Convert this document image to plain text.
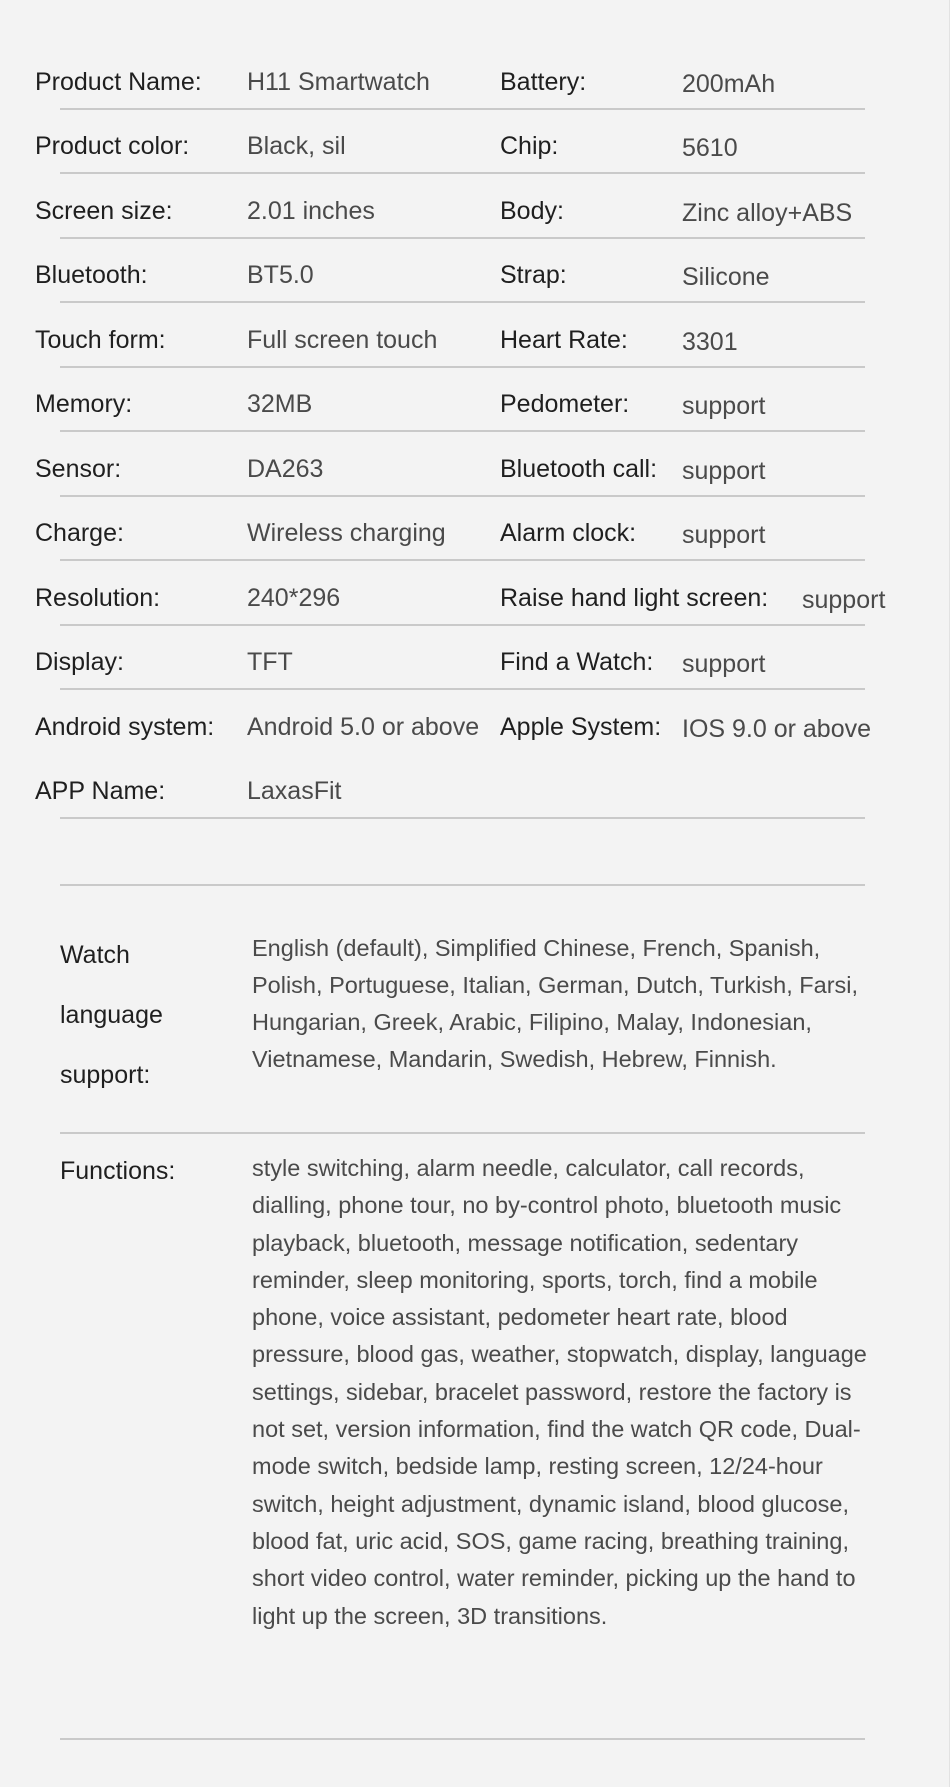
Product Name: H11 Smartwatch	Battery:	200mAh
Product color: Black, sil	Chip:	5610
Screen size:	2.01 inches	Body:	Zinc alloy+ABS
Bluetooth:	BT5.0	Strap:	Silicone
Touch form:	Full screen touch	Heart Rate: 3301
Memory:	32MB	Pedometer: support
Sensor:	DA263	Bluetooth call: support
Charge:	Wireless charging Alarm clock: support
Resolution:	240*296	Raise hand light screen: support
Display:	TFT	Find a Watch: support
Android system: Android 5.0 or above Apple System: IOS 9.0 or above
APP Name:	LaxasFit
Watch
language
support:
English (default), Simplified Chinese, French, Spanish, Polish, Portuguese, Italian, German, Dutch, Turkish, Farsi, Hungarian, Greek, Arabic, Filipino, Malay, Indonesian, Vietnamese, Mandarin, Swedish, Hebrew, Finnish.
Functions:	style switching, alarm needle, calculator, call records, dialling, phone tour, no by-control photo, bluetooth music playback, bluetooth, message notification, sedentary reminder, sleep monitoring, sports, torch, find a mobile phone, voice assistant, pedometer heart rate, blood pressure, blood gas, weather, stopwatch, display, language settings, sidebar, bracelet password, restore the factory is not set, version information, find the watch QR code, Dual-mode switch, bedside lamp, resting screen, 12/24-hour switch, height adjustment, dynamic island, blood glucose, blood fat, uric acid, SOS, game racing, breathing training, short video control, water reminder, picking up the hand to light up the screen, 3D transitions.
